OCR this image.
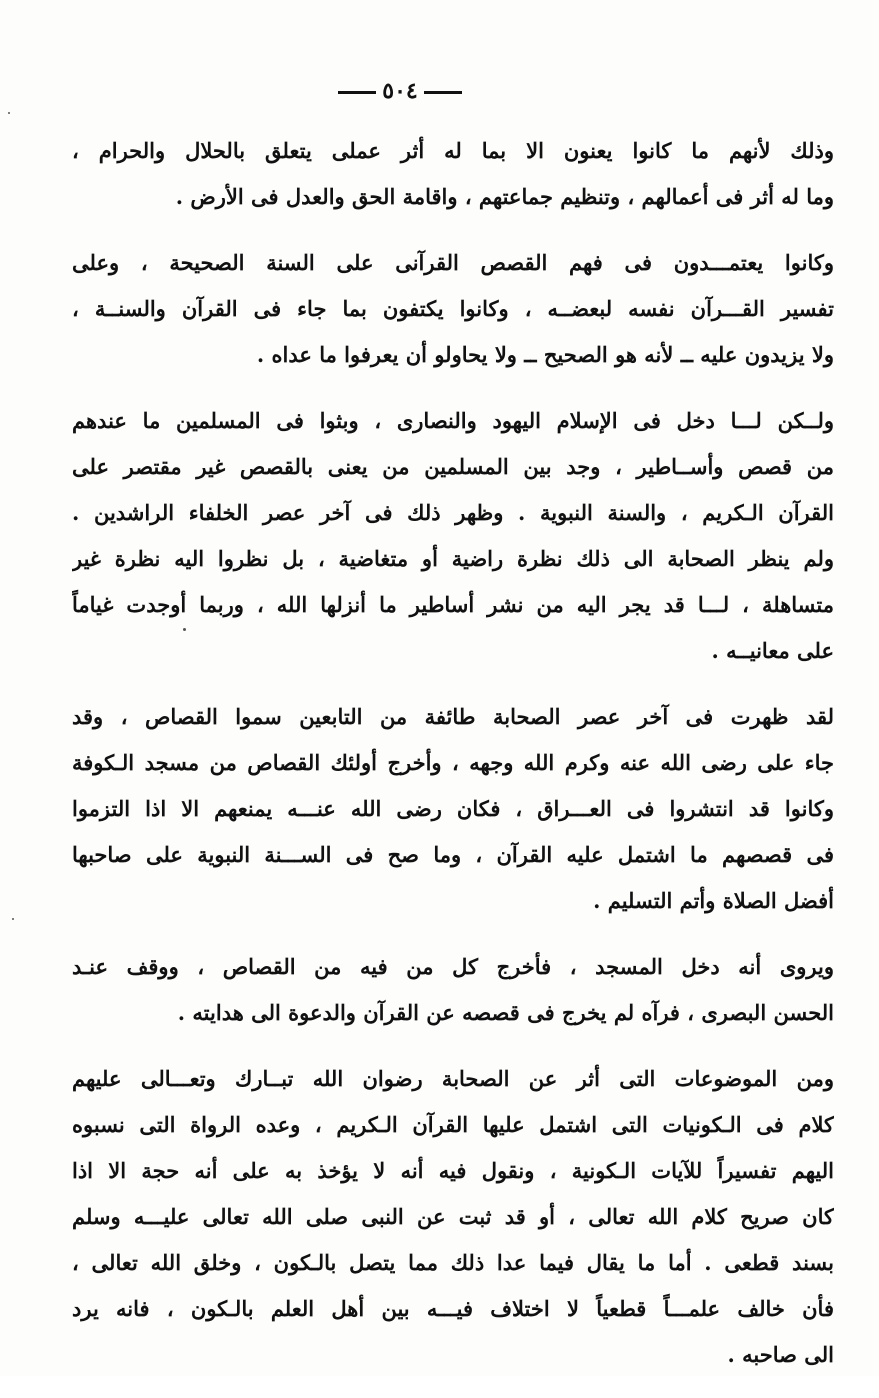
٥٠٤
وذلك لأنهم ما كانوا يعنون الا بما له أثر عملى يتعلق بالحلال والحرام ،
وما له أثر فى أعمالهم ، وتنظيم جماعتهم ، واقامة الحق والعدل فى الأرض .
وكانوا يعتمـــدون فى فهم القصص القرآنى على السنة الصحيحة ، وعلى
تفسير القـــرآن نفسه لبعضــه ، وكانوا يكتفون بما جاء فى القرآن والسنــة ،
ولا يزيدون عليه ــ لأنه هو الصحيح ــ ولا يحاولو أن يعرفوا ما عداه .
ولــكن لـــا دخل فى الإسلام اليهود والنصارى ، وبثوا فى المسلمين ما عندهم
من قصص وأســاطير ، وجد بين المسلمين من يعنى بالقصص غير مقتصر على
القرآن الـكريم ، والسنة النبوية . وظهر ذلك فى آخر عصر الخلفاء الراشدين .
ولم ينظر الصحابة الى ذلك نظرة راضية أو متغاضية ، بل نظروا اليه نظرة غير
متساهلة ، لـــا قد يجر اليه من نشر أساطير ما أنزلها الله ، وربما أوجدت غياماً
على معانيــه .
لقد ظهرت فى آخر عصر الصحابة طائفة من التابعين سموا القصاص ، وقد
جاء على رضى الله عنه وكرم الله وجهه ، وأخرج أولئك القصاص من مسجد الـكوفة
وكانوا قد انتشروا فى العـــراق ، فكان رضى الله عنـــه يمنعهم الا اذا التزموا
فى قصصهم ما اشتمل عليه القرآن ، وما صح فى الســـنة النبوية على صاحبها
أفضل الصلاة وأتم التسليم .
ويروى أنه دخل المسجد ، فأخرج كل من فيه من القصاص ، ووقف عنـد
الحسن البصرى ، فرآه لم يخرج فى قصصه عن القرآن والدعوة الى هدايته .
ومن الموضوعات التى أثر عن الصحابة رضوان الله تبــارك وتعـــالى عليهم
كلام فى الـكونيات التى اشتمل عليها القرآن الـكريم ، وعده الرواة التى نسبوه
اليهم تفسيراً للآيات الـكونية ، ونقول فيه أنه لا يؤخذ به على أنه حجة الا اذا
كان صريح كلام الله تعالى ، أو قد ثبت عن النبى صلى الله تعالى عليـــه وسلم
بسند قطعى . أما ما يقال فيما عدا ذلك مما يتصل بالـكون ، وخلق الله تعالى ،
فأن خالف علمـــاً قطعياً لا اختلاف فيـــه بين أهل العلم بالـكون ، فانه يرد
الى صاحبه .
